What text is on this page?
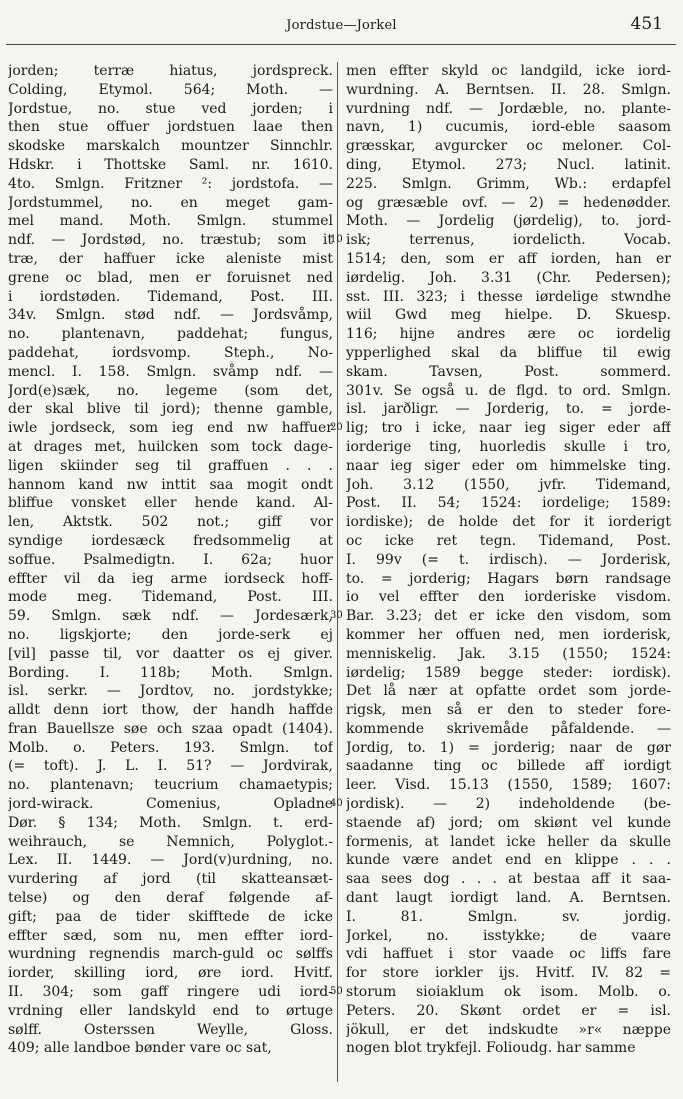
Jordstue—Jorkel	451
jorden; terræ hiatus, jordspreck.
Colding, Etymol. 564; Moth. —
Jordstue, no. stue ved jorden; i
then stue offuer jordstuen laae then
skodske marskalch mountzer Sinnchlr.
Hdskr. i Thottske Saml. nr. 1610.
4to. Smlgn. Fritzner ²: jordstofa. —
Jordstummel, no. en meget gam-
mel mand. Moth. Smlgn. stummel
ndf. — Jordstød, no. træstub; som it
træ, der haffuer icke aleniste mist
grene oc blad, men er foruisnet ned
i iordstøden. Tidemand, Post. III.
34v. Smlgn. stød ndf. — Jordsvåmp,
no. plantenavn, paddehat; fungus,
paddehat, iordsvomp. Steph., No-
mencl. I. 158. Smlgn. svåmp ndf. —
Jord(e)sæk, no. legeme (som det,
der skal blive til jord); thenne gamble,
iwle jordseck, som ieg end nw haffuer
at drages met, huilcken som tock dage-
ligen skiinder seg til graffuen . . .
hannom kand nw inttit saa mogit ondt
bliffue vonsket eller hende kand. Al-
len, Aktstk. 502 not.; giff vor
syndige iordesæck fredsommelig at
soffue. Psalmedigtn. I. 62a; huor
effter vil da ieg arme iordseck hoff-
mode meg. Tidemand, Post. III.
59. Smlgn. sæk ndf. — Jordesærk,
no. ligskjorte; den jorde-serk ej
[vil] passe til, vor daatter os ej giver.
Bording. I. 118b; Moth. Smlgn.
isl. serkr. — Jordtov, no. jordstykke;
alldt denn iort thow, der handh haffde
fran Bauellsze søe och szaa opadt (1404).
Molb. o. Peters. 193. Smlgn. tof
(= toft). J. L. I. 51? — Jordvirak,
no. plantenavn; teucrium chamaetypis;
jord-wirack. Comenius, Opladne
Dør. § 134; Moth. Smlgn. t. erd-
weihrauch, se Nemnich, Polyglot.-
Lex. II. 1449. — Jord(v)urdning, no.
vurdering af jord (til skatteansæt-
telse) og den deraf følgende af-
gift; paa de tider skifftede de icke
effter sæd, som nu, men effter iord-
wurdning regnendis march-guld oc sølffs
iorder, skilling iord, øre iord. Hvitf.
II. 304; som gaff ringere udi iord-
vrdning eller landskyld end to ørtuge
sølff. Osterssen Weylle, Gloss.
409; alle landboe bønder vare oc sat,
men effter skyld oc landgild, icke iord-
wurdning. A. Berntsen. II. 28. Smlgn.
vurdning ndf. — Jordæble, no. plante-
navn, 1) cucumis, iord-eble saasom
græsskar, avgurcker oc meloner. Col-
ding, Etymol. 273; Nucl. latinit.
225. Smlgn. Grimm, Wb.: erdapfel
og græsæble ovf. — 2) = hedenødder.
Moth. — Jordelig (jørdelig), to. jord-
isk; terrenus, iordelicth. Vocab.
1514; den, som er aff iorden, han er
iørdelig. Joh. 3.31 (Chr. Pedersen);
sst. III. 323; i thesse iørdelige stwndhe
wiil Gwd meg hielpe. D. Skuesp.
116; hijne andres ære oc iordelig
ypperlighed skal da bliffue til ewig
skam. Tavsen, Post. sommerd.
301v. Se også u. de flgd. to ord. Smlgn.
isl. jarðligr. — Jorderig, to. = jorde-
lig; tro i icke, naar ieg siger eder aff
iorderige ting, huorledis skulle i tro,
naar ieg siger eder om himmelske ting.
Joh. 3.12 (1550, jvfr. Tidemand,
Post. II. 54; 1524: iordelige; 1589:
iordiske); de holde det for it iorderigt
oc icke ret tegn. Tidemand, Post.
I. 99v (= t. irdisch). — Jorderisk,
to. = jorderig; Hagars børn randsage
io vel effter den iorderiske visdom.
Bar. 3.23; det er icke den visdom, som
kommer her offuen ned, men iorderisk,
menniskelig. Jak. 3.15 (1550; 1524:
iørdelig; 1589 begge steder: iordisk).
Det lå nær at opfatte ordet som jorde-
rigsk, men så er den to steder fore-
kommende skrivemåde påfaldende. —
Jordig, to. 1) = jorderig; naar de gør
saadanne ting oc billede aff iordigt
leer. Visd. 15.13 (1550, 1589; 1607:
jordisk). — 2) indeholdende (be-
staende af) jord; om skiønt vel kunde
formenis, at landet icke heller da skulle
kunde være andet end en klippe . . .
saa sees dog . . . at bestaa aff it saa-
dant laugt iordigt land. A. Berntsen.
I. 81. Smlgn. sv. jordig.
Jorkel, no. isstykke; de vaare
vdi haffuet i stor vaade oc liffs fare
for store iorkler ijs. Hvitf. IV. 82 =
storum sioiaklum ok isom. Molb. o.
Peters. 20. Skønt ordet er = isl.
jökull, er det indskudte »r« næppe
nogen blot trykfejl. Folioudg. har samme
10
20
30
40
50
